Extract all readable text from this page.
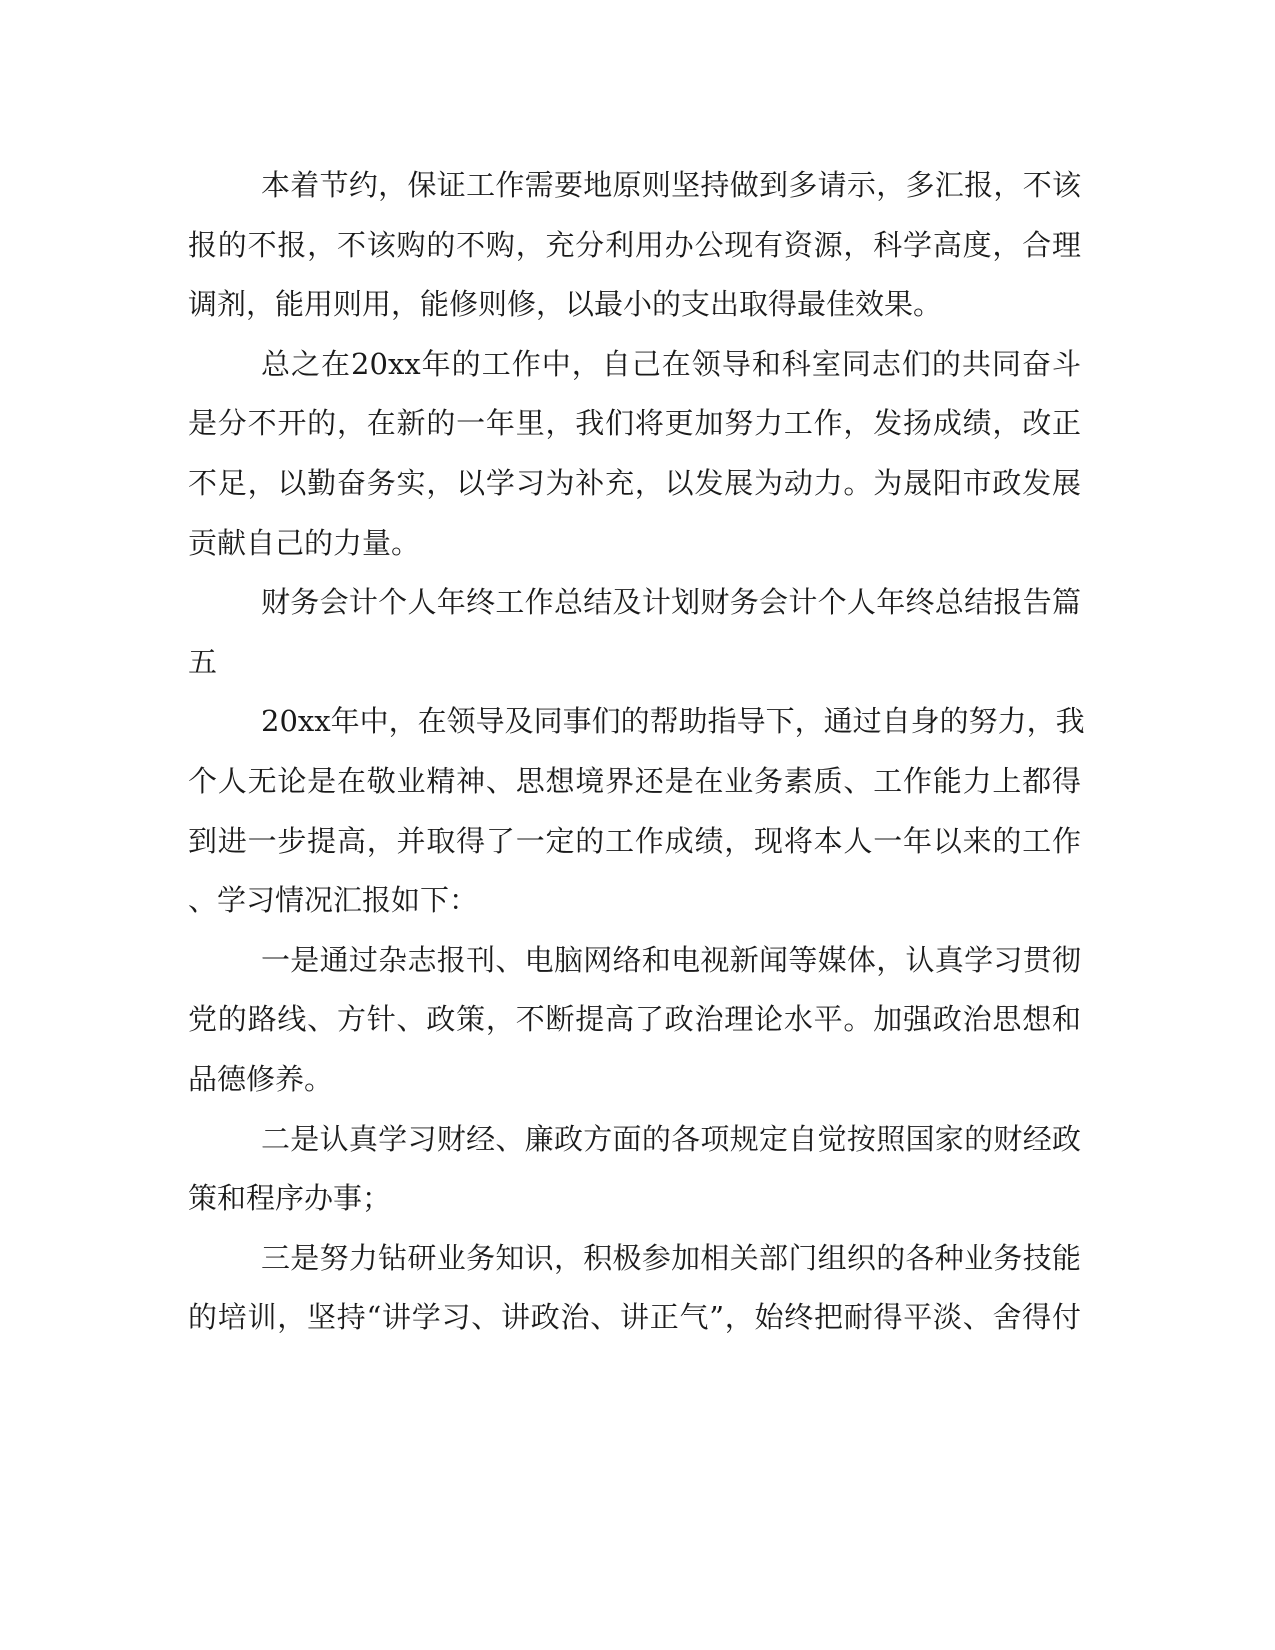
本着节约，保证工作需要地原则坚持做到多请示，多汇报，不该
报的不报，不该购的不购，充分利用办公现有资源，科学高度，合理
调剂，能用则用，能修则修，以最小的支出取得最佳效果。
总之在20xx年的工作中，自己在领导和科室同志们的共同奋斗
是分不开的，在新的一年里，我们将更加努力工作，发扬成绩，改正
不足，以勤奋务实，以学习为补充，以发展为动力。为晟阳市政发展
贡献自己的力量。
财务会计个人年终工作总结及计划财务会计个人年终总结报告篇
五
20xx年中，在领导及同事们的帮助指导下，通过自身的努力，我
个人无论是在敬业精神、思想境界还是在业务素质、工作能力上都得
到进一步提高，并取得了一定的工作成绩，现将本人一年以来的工作
、学习情况汇报如下：
一是通过杂志报刊、电脑网络和电视新闻等媒体，认真学习贯彻
党的路线、方针、政策，不断提高了政治理论水平。加强政治思想和
品德修养。
二是认真学习财经、廉政方面的各项规定自觉按照国家的财经政
策和程序办事；
三是努力钻研业务知识，积极参加相关部门组织的各种业务技能
的培训，坚持“讲学习、讲政治、讲正气”，始终把耐得平淡、舍得付
